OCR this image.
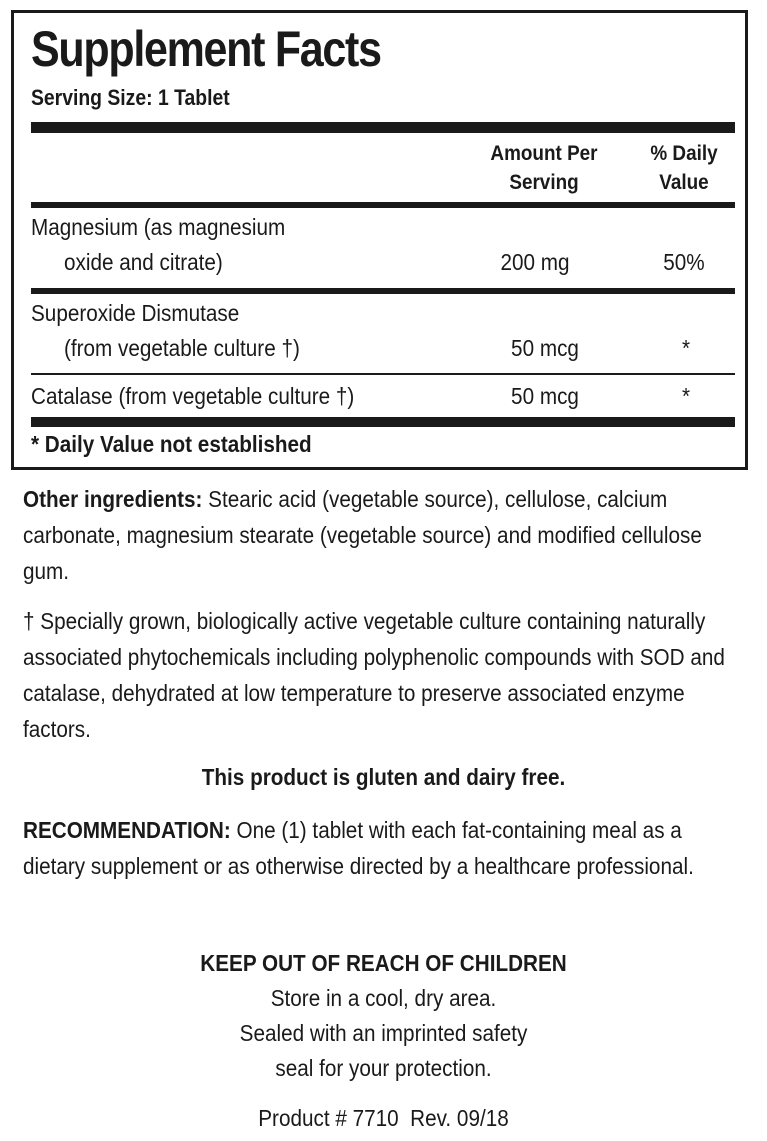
Supplement Facts
Serving Size: 1 Tablet
Amount Per Serving
% Daily Value
Magnesium (as magnesium
oxide and citrate)	200 mg	50%
Superoxide Dismutase
(from vegetable culture †)	50 mcg	*
Catalase (from vegetable culture †)	50 mcg	*
* Daily Value not established
Other ingredients: Stearic acid (vegetable source), cellulose, calcium carbonate, magnesium stearate (vegetable source) and modified cellulose gum.
† Specially grown, biologically active vegetable culture containing naturally associated phytochemicals including polyphenolic compounds with SOD and catalase, dehydrated at low temperature to preserve associated enzyme factors.
This product is gluten and dairy free.
RECOMMENDATION: One (1) tablet with each fat-containing meal as a dietary supplement or as otherwise directed by a healthcare professional.
KEEP OUT OF REACH OF CHILDREN
Store in a cool, dry area.
Sealed with an imprinted safety
seal for your protection.
Product # 7710  Rev. 09/18
